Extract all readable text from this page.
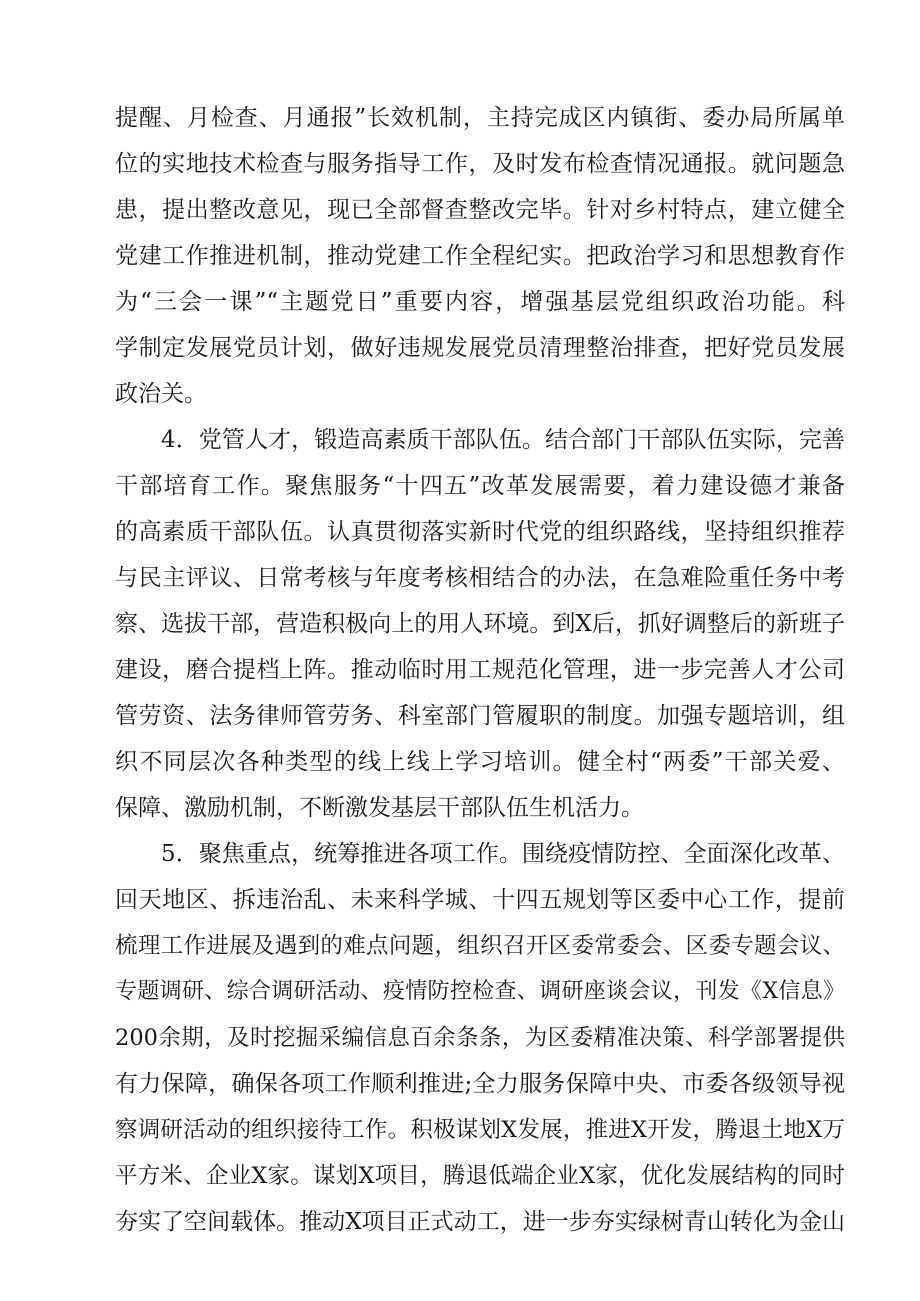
提醒、月检查、月通报”长效机制，主持完成区内镇街、委办局所属单
位的实地技术检查与服务指导工作，及时发布检查情况通报。就问题急
患，提出整改意见，现已全部督查整改完毕。针对乡村特点，建立健全
党建工作推进机制，推动党建工作全程纪实。把政治学习和思想教育作
为“三会一课”“主题党日”重要内容，增强基层党组织政治功能。科
学制定发展党员计划，做好违规发展党员清理整治排查，把好党员发展
政治关。
4．党管人才，锻造高素质干部队伍。结合部门干部队伍实际，完善
干部培育工作。聚焦服务“十四五”改革发展需要，着力建设德才兼备
的高素质干部队伍。认真贯彻落实新时代党的组织路线，坚持组织推荐
与民主评议、日常考核与年度考核相结合的办法，在急难险重任务中考
察、选拔干部，营造积极向上的用人环境。到X后，抓好调整后的新班子
建设，磨合提档上阵。推动临时用工规范化管理，进一步完善人才公司
管劳资、法务律师管劳务、科室部门管履职的制度。加强专题培训，组
织不同层次各种类型的线上线上学习培训。健全村“两委”干部关爱、
保障、激励机制，不断激发基层干部队伍生机活力。
5．聚焦重点，统筹推进各项工作。围绕疫情防控、全面深化改革、
回天地区、拆违治乱、未来科学城、十四五规划等区委中心工作，提前
梳理工作进展及遇到的难点问题，组织召开区委常委会、区委专题会议、
专题调研、综合调研活动、疫情防控检查、调研座谈会议，刊发《X信息》
200余期，及时挖掘采编信息百余条条，为区委精准决策、科学部署提供
有力保障，确保各项工作顺利推进;全力服务保障中央、市委各级领导视
察调研活动的组织接待工作。积极谋划X发展，推进X开发，腾退土地X万
平方米、企业X家。谋划X项目，腾退低端企业X家，优化发展结构的同时
夯实了空间载体。推动X项目正式动工，进一步夯实绿树青山转化为金山
